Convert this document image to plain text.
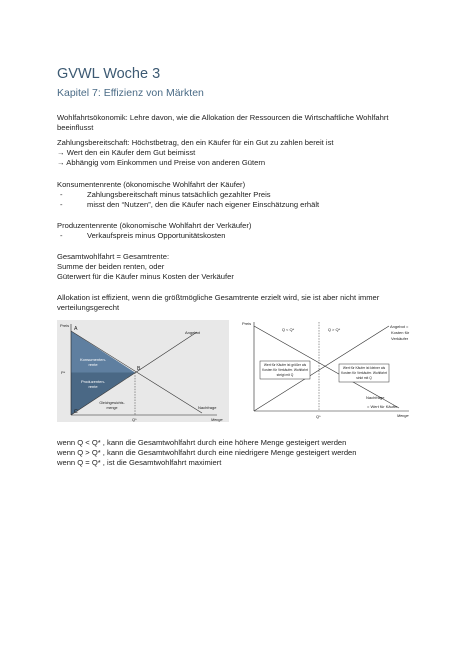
GVWL Woche 3
Kapitel 7: Effizienz von Märkten
Wohlfahrtsökonomik: Lehre davon, wie die Allokation der Ressourcen die Wirtschaftliche Wohlfahrt
beeinflusst
Zahlungsbereitschaft: Höchstbetrag, den ein Käufer für ein Gut zu zahlen bereit ist
→ Wert den ein Käufer dem Gut beimisst
→ Abhängig vom Einkommen und Preise von anderen Gütern
Konsumentenrente (ökonomische Wohlfahrt der Käufer)
-	Zahlungsbereitschaft minus tatsächlich gezahlter Preis
-	misst den “Nutzen”, den die Käufer nach eigener Einschätzung erhält
Produzentenrente (ökonomische Wohlfahrt der Verkäufer)
-	Verkaufspreis minus Opportunitätskosten
Gesamtwohlfahrt = Gesamtrente:
Summe der beiden renten, oder
Güterwert für die Käufer minus Kosten der Verkäufer
Allokation ist effizient, wenn die größtmögliche Gesamtrente erzielt wird, sie ist aber nicht immer
verteilungsgerecht
Preis
A
B
C
P*
Q*	Menge
Angebot
Nachfrage
Konsumenten-
rente
Produzenten-
rente
Gleichgewichts-
menge
Preis
Q < Q*	Q > Q*
Angebot =
Kosten für
Verkäufer
Wert für Käufer ist größer als
Kosten für Verkäufer. Wohlfahrt
steigt mit Q
Wert für Käufer ist kleiner als
Kosten für Verkäufer. Wohlfahrt
sinkt mit Q
Nachfrage
= Wert für Käufer
Q*	Menge
wenn Q < Q* , kann die Gesamtwohlfahrt durch eine höhere Menge gesteigert werden
wenn Q > Q* , kann die Gesamtwohlfahrt durch eine niedrigere Menge gesteigert werden
wenn Q = Q* , ist die Gesamtwohlfahrt maximiert
